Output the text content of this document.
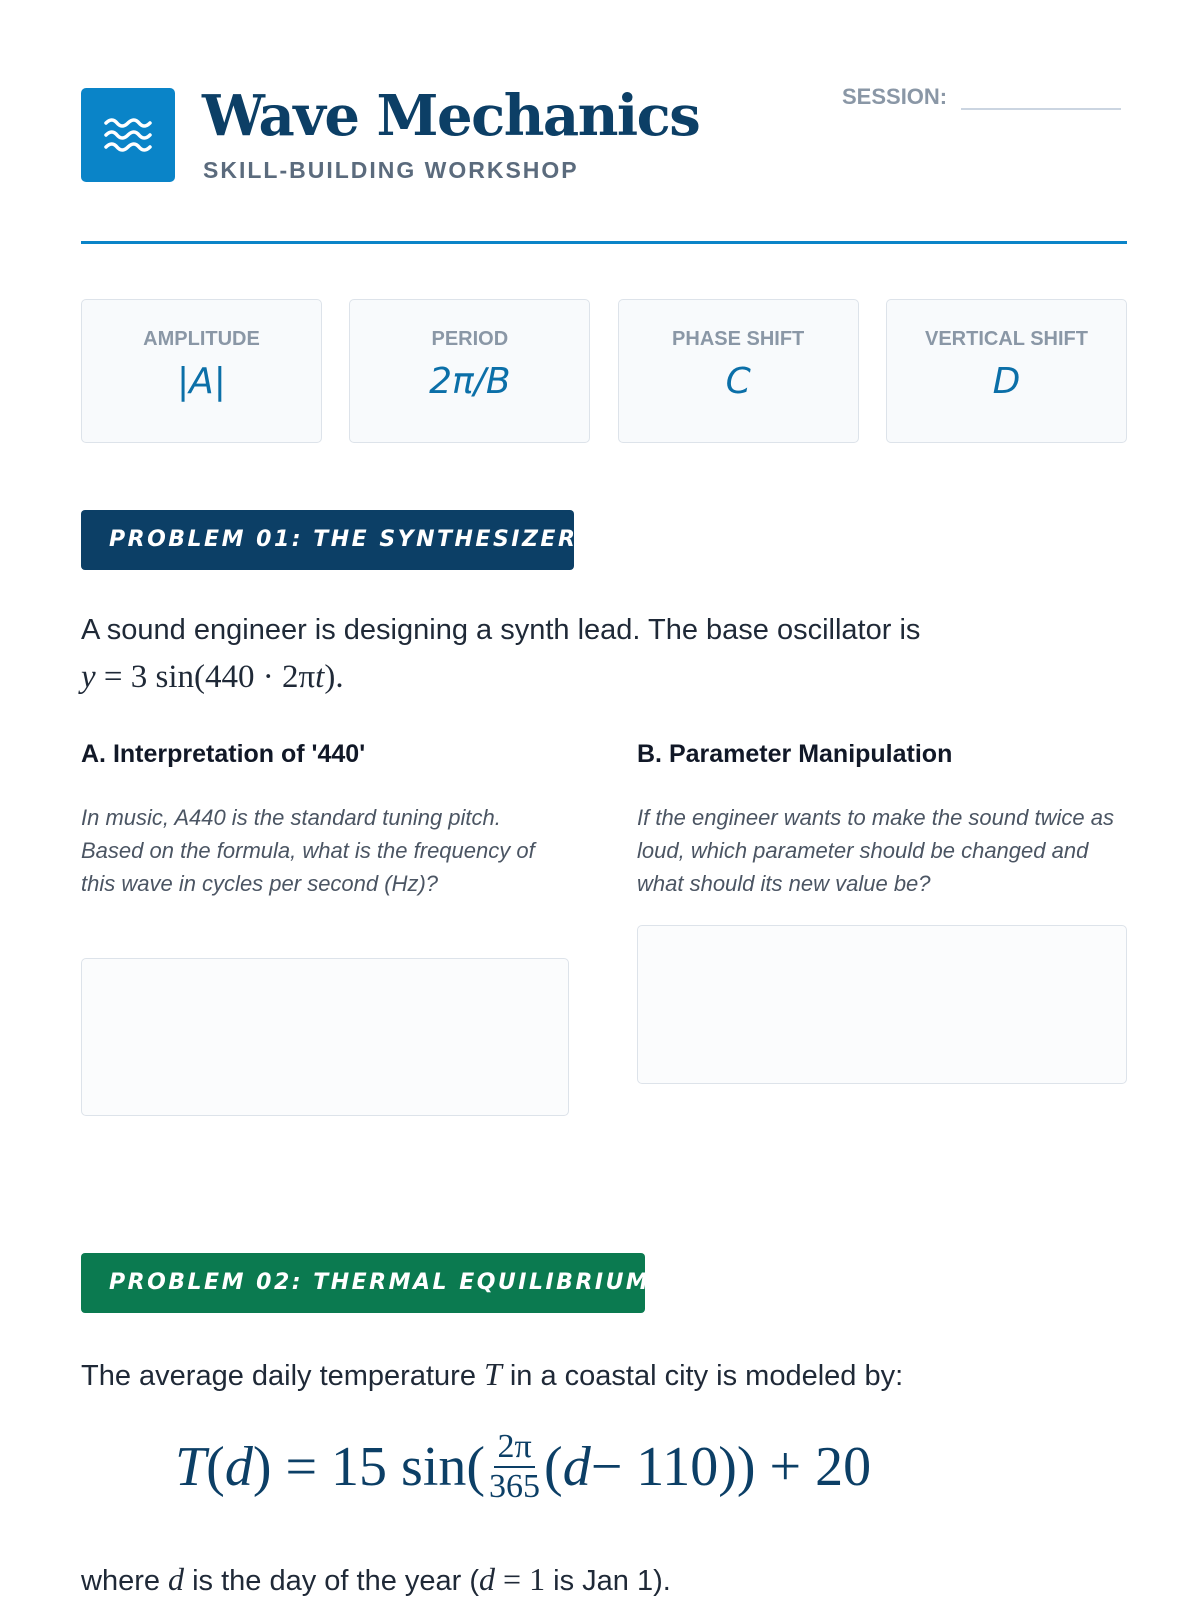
Wave Mechanics
SKILL-BUILDING WORKSHOP
SESSION:
AMPLITUDE
|A|
PERIOD
2π/B
PHASE SHIFT
C
VERTICAL SHIFT
D
PROBLEM 01: THE SYNTHESIZER
A sound engineer is designing a synth lead. The base oscillator is
y = 3 sin(440 · 2πt).
A. Interpretation of '440'
In music, A440 is the standard tuning pitch. Based on the formula, what is the frequency of this wave in cycles per second (Hz)?
B. Parameter Manipulation
If the engineer wants to make the sound twice as loud, which parameter should be changed and what should its new value be?
PROBLEM 02: THERMAL EQUILIBRIUM
The average daily temperature T in a coastal city is modeled by:
T ( d ) = 15 $\sin( \frac{2\pi}{365}$ ( d − 110)) + 20
where d is the day of the year (d = 1 is Jan 1).
